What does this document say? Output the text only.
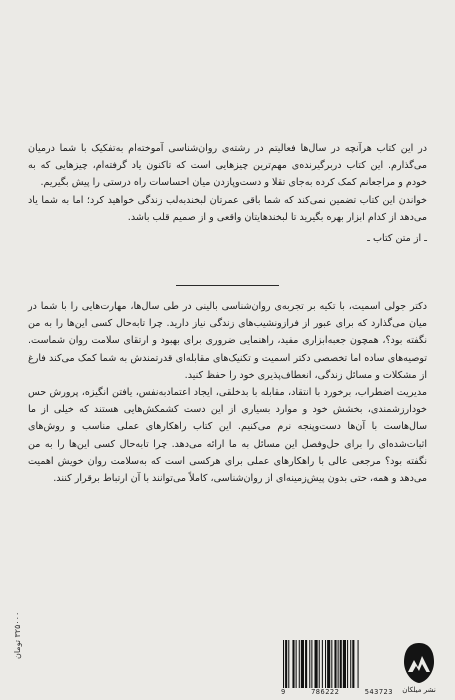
در این کتاب هرآنچه در سال‌ها فعالیتم در رشته‌ی روان‌شناسی آموخته‌ام به‌تفکیک با شما درمیان می‌گذارم. این کتاب دربرگیرنده‌ی مهم‌ترین چیزهایی است که تاکنون یاد گرفته‌ام، چیزهایی که به خودم و مراجعانم کمک کرده به‌جای تقلا و دست‌وپازدن میان احساسات راه درستی را پیش بگیریم.

خواندن این کتاب تضمین نمی‌کند که شما باقی عمرتان لبخندبه‌لب زندگی خواهید کرد؛ اما به شما یاد می‌دهد از کدام ابزار بهره بگیرید تا لبخندهایتان واقعی و از صمیم قلب باشد.

ـ از متن کتاب ـ

دکتر جولی اسمیت، با تکیه بر تجربه‌ی روان‌شناسی بالینی در طی سال‌ها، مهارت‌هایی را با شما در میان می‌گذارد که برای عبور از فرازونشیب‌های زندگی نیاز دارید. چرا تابه‌حال کسی این‌ها را به من نگفته بود؟، همچون جعبه‌ابزاری مفید، راهنمایی ضروری برای بهبود و ارتقای سلامت روان شماست. توصیه‌های ساده اما تخصصی دکتر اسمیت و تکنیک‌های مقابله‌ای قدرتمندش به شما کمک می‌کند فارغ از مشکلات و مسائل زندگی، انعطاف‌پذیری خود را حفظ کنید.

مدیریت اضطراب، برخورد با انتقاد، مقابله با بدخلقی، ایجاد اعتمادبه‌نفس، یافتن انگیزه، پرورش حس خودارزشمندی، بخشش خود و موارد بسیاری از این دست کشمکش‌هایی هستند که خیلی از ما سال‌هاست با آن‌ها دست‌وپنجه نرم می‌کنیم. این کتاب راهکارهای عملی مناسب و روش‌های اثبات‌شده‌ای را برای حل‌وفصل این مسائل به ما ارائه می‌دهد. چرا تابه‌حال کسی این‌ها را به من نگفته بود؟ مرجعی عالی با راهکارهای عملی برای هرکسی است که به‌سلامت روان خویش اهمیت می‌دهد و همه، حتی بدون پیش‌زمینه‌ای از روان‌شناسی، کاملاً می‌توانند با آن ارتباط برقرار کنند.

۳۲۵۰۰۰ تومان
9	786222	543723	نشر میلکان
